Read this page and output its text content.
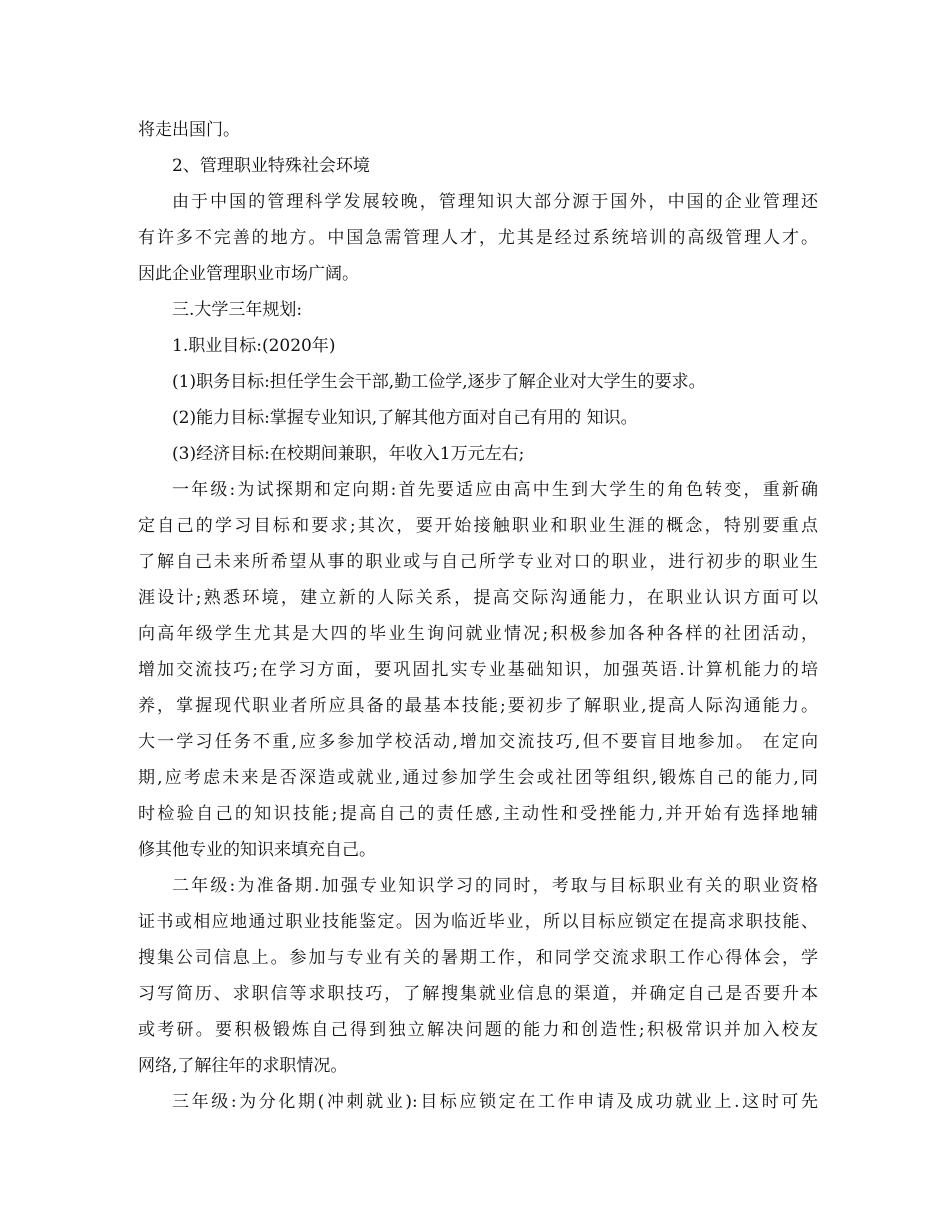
将走出国门。
2、管理职业特殊社会环境
由于中国的管理科学发展较晚，管理知识大部分源于国外，中国的企业管理还
有许多不完善的地方。中国急需管理人才，尤其是经过系统培训的高级管理人才。
因此企业管理职业市场广阔。
三.大学三年规划:
1.职业目标:(2020年)
(1)职务目标:担任学生会干部,勤工俭学,逐步了解企业对大学生的要求。
(2)能力目标:掌握专业知识,了解其他方面对自己有用的 知识。
(3)经济目标:在校期间兼职，年收入1万元左右;
一年级:为试探期和定向期:首先要适应由高中生到大学生的角色转变，重新确
定自己的学习目标和要求;其次，要开始接触职业和职业生涯的概念，特别要重点
了解自己未来所希望从事的职业或与自己所学专业对口的职业，进行初步的职业生
涯设计;熟悉环境，建立新的人际关系，提高交际沟通能力，在职业认识方面可以
向高年级学生尤其是大四的毕业生询问就业情况;积极参加各种各样的社团活动，
增加交流技巧;在学习方面，要巩固扎实专业基础知识，加强英语.计算机能力的培
养，掌握现代职业者所应具备的最基本技能;要初步了解职业,提高人际沟通能力。
大一学习任务不重,应多参加学校活动,增加交流技巧,但不要盲目地参加。 在定向
期,应考虑未来是否深造或就业,通过参加学生会或社团等组织,锻炼自己的能力,同
时检验自己的知识技能;提高自己的责任感,主动性和受挫能力,并开始有选择地辅
修其他专业的知识来填充自己。
二年级:为准备期.加强专业知识学习的同时，考取与目标职业有关的职业资格
证书或相应地通过职业技能鉴定。因为临近毕业，所以目标应锁定在提高求职技能、
搜集公司信息上。参加与专业有关的暑期工作，和同学交流求职工作心得体会，学
习写简历、求职信等求职技巧，了解搜集就业信息的渠道，并确定自己是否要升本
或考研。要积极锻炼自己得到独立解决问题的能力和创造性;积极常识并加入校友
网络,了解往年的求职情况。
三年级:为分化期(冲刺就业):目标应锁定在工作申请及成功就业上.这时可先
